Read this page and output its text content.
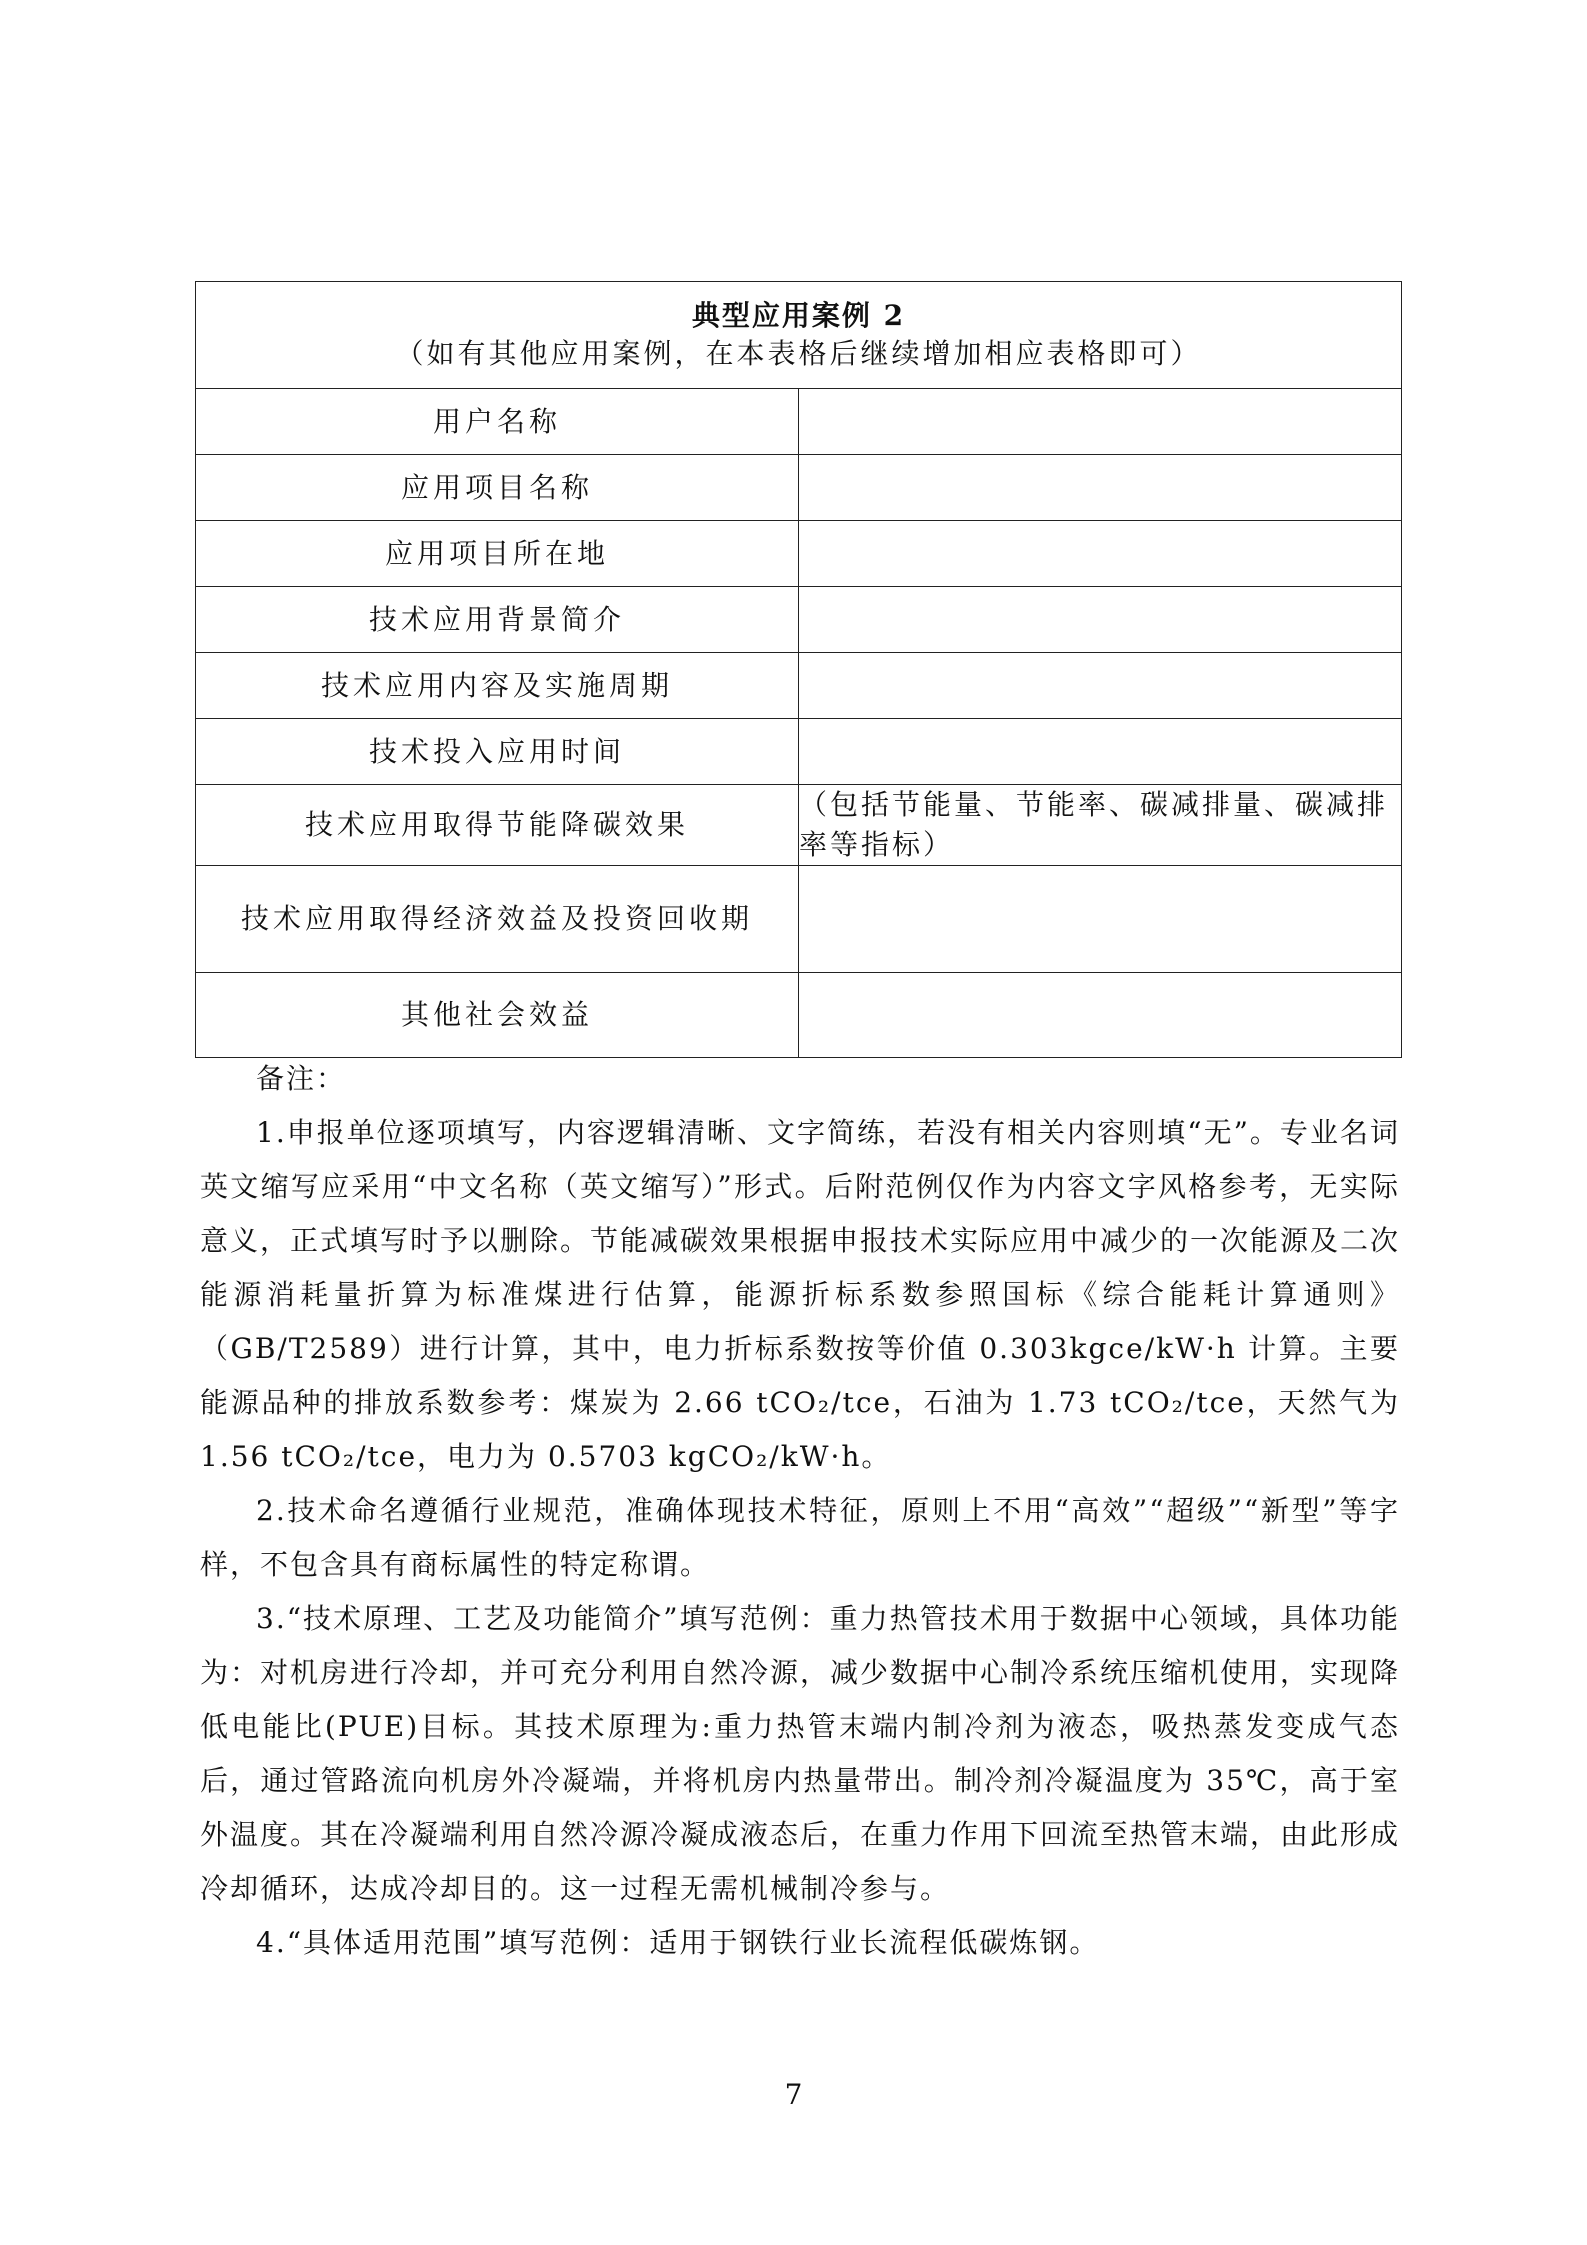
典型应用案例 2
（如有其他应用案例，在本表格后继续增加相应表格即可）	

用户名称	
应用项目名称	
应用项目所在地	
技术应用背景简介	
技术应用内容及实施周期	
技术投入应用时间	
技术应用取得节能降碳效果	（包括节能量、节能率、碳减排量、碳减排率等指标）
技术应用取得经济效益及投资回收期	
其他社会效益	

备注：

1.申报单位逐项填写，内容逻辑清晰、文字简练，若没有相关内容则填“无”。专业名词英文缩写应采用“中文名称（英文缩写）”形式。后附范例仅作为内容文字风格参考，无实际意义，正式填写时予以删除。节能减碳效果根据申报技术实际应用中减少的一次能源及二次能源消耗量折算为标准煤进行估算，能源折标系数参照国标《综合能耗计算通则》（GB/T2589）进行计算，其中，电力折标系数按等价值 0.303kgce/kW·h 计算。主要能源品种的排放系数参考：煤炭为 2.66 tCO₂/tce，石油为 1.73 tCO₂/tce，天然气为 1.56 tCO₂/tce，电力为 0.5703 kgCO₂/kW·h。

2.技术命名遵循行业规范，准确体现技术特征，原则上不用“高效”“超级”“新型”等字样，不包含具有商标属性的特定称谓。

3.“技术原理、工艺及功能简介”填写范例：重力热管技术用于数据中心领域，具体功能为：对机房进行冷却，并可充分利用自然冷源，减少数据中心制冷系统压缩机使用，实现降低电能比(PUE)目标。其技术原理为:重力热管末端内制冷剂为液态，吸热蒸发变成气态后，通过管路流向机房外冷凝端，并将机房内热量带出。制冷剂冷凝温度为 35℃，高于室外温度。其在冷凝端利用自然冷源冷凝成液态后，在重力作用下回流至热管末端，由此形成冷却循环，达成冷却目的。这一过程无需机械制冷参与。

4.“具体适用范围”填写范例：适用于钢铁行业长流程低碳炼钢。

7
